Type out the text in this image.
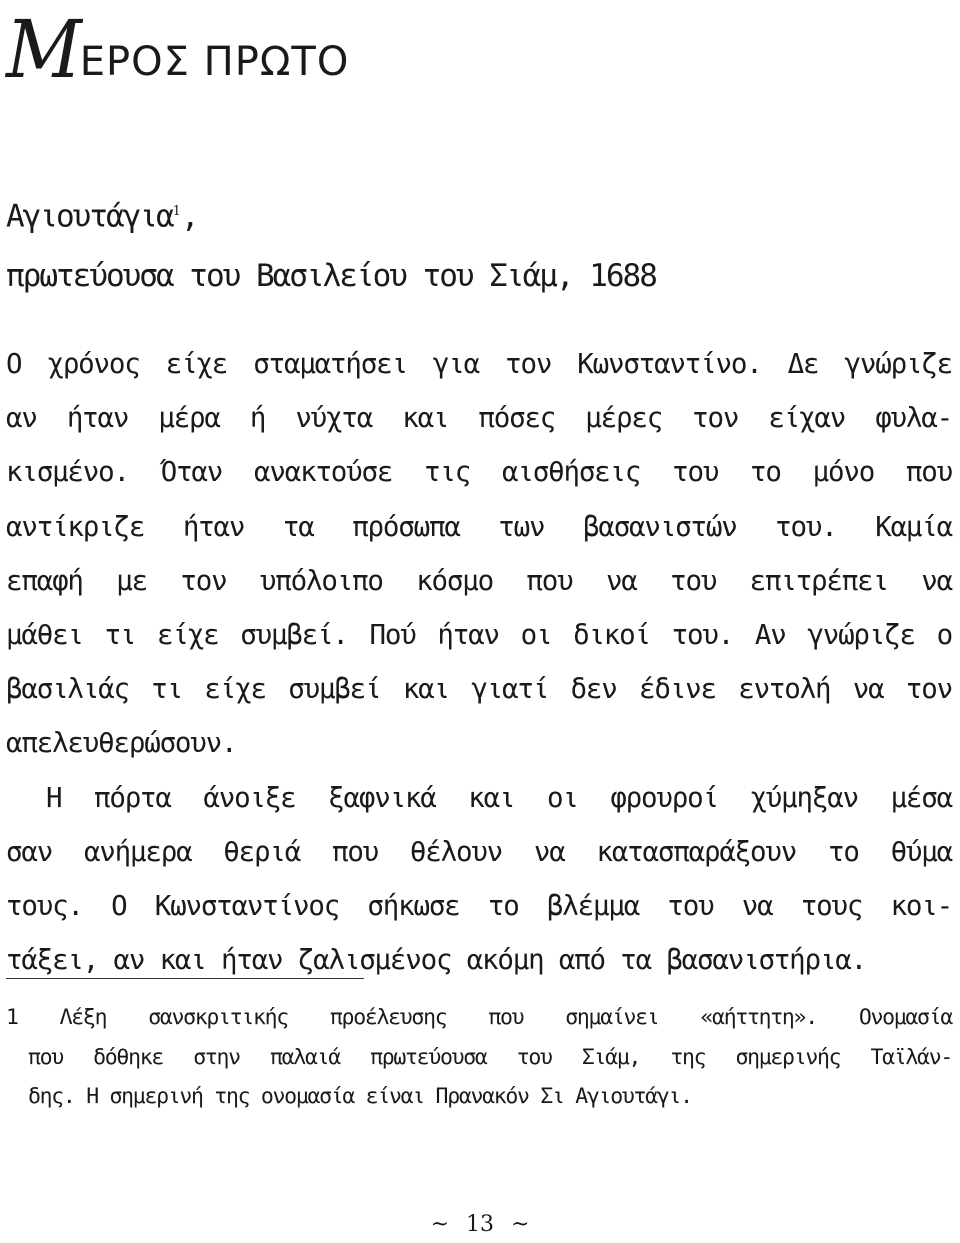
ΜΕΡΟΣ ΠΡΩΤΟ
Αγιουτάγια$^1$,
πρωτεύουσα του Βασιλείου του Σιάμ, 1688
Ο χρόνος είχε σταματήσει για τον Κωνσταντίνο. Δε γνώριζε
αν ήταν μέρα ή νύχτα και πόσες μέρες τον είχαν φυλα-
κισμένο. Όταν ανακτούσε τις αισθήσεις του το μόνο που
αντίκριζε ήταν τα πρόσωπα των βασανιστών του. Καμία
επαφή με τον υπόλοιπο κόσμο που να του επιτρέπει να
μάθει τι είχε συμβεί. Πού ήταν οι δικοί του. Αν γνώριζε ο
βασιλιάς τι είχε συμβεί και γιατί δεν έδινε εντολή να τον
απελευθερώσουν.
Η πόρτα άνοιξε ξαφνικά και οι φρουροί χύμηξαν μέσα
σαν ανήμερα θεριά που θέλουν να κατασπαράξουν το θύμα
τους. Ο Κωνσταντίνος σήκωσε το βλέμμα του να τους κοι-
τάξει, αν και ήταν ζαλισμένος ακόμη από τα βασανιστήρια.
1 Λέξη σανσκριτικής προέλευσης που σημαίνει «αήττητη». Ονομασία
που δόθηκε στην παλαιά πρωτεύουσα του Σιάμ, της σημερινής Ταϊλάν-
δης. Η σημερινή της ονομασία είναι Πρανακόν Σι Αγιουτάγι.
~ 13 ~
